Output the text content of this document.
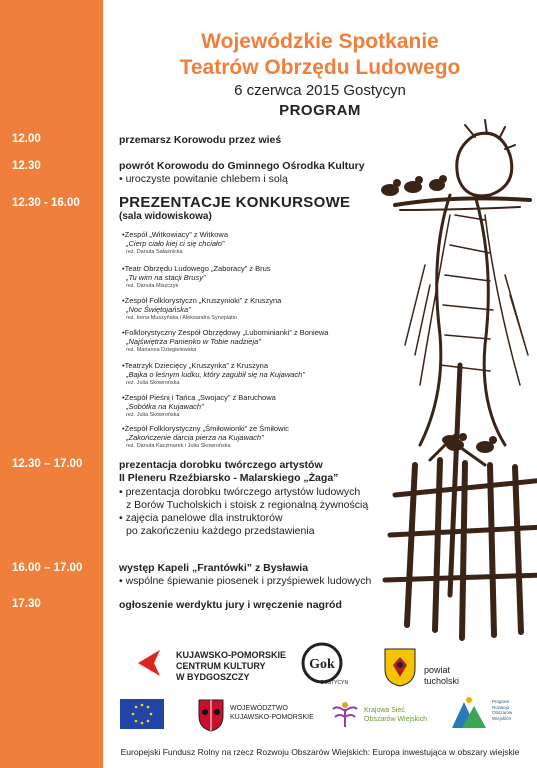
Wojewódzkie Spotkanie
Teatrów Obrzędu Ludowego
6 czerwca 2015 Gostycyn
PROGRAM
12.00
12.30
12.30 - 16.00
12.30 – 17.00
16.00 – 17.00
17.30
przemarsz Korowodu przez wieś
powrót Korowodu do Gminnego Ośrodka Kultury
• uroczyste powitanie chlebem i solą
PREZENTACJE KONKURSOWE
(sala widowiskowa)
• Zespół „Witkowiacy” z Witkowa
„Cierp ciało kiej ci się chciało”
reż. Danuta Sałaśnicka
• Teatr Obrzędu Ludowego „Zaboracy” z Brus
„Tu wim na stacji Brusy”
reż. Danuta Miszczyk
• Zespół Folklorystyczn „Kruszynioki” z Kruszyna
„Noc Świętojańska”
reż. Irena Muszyńska i Aleksandra Synoplatio
• Folklorystyczny Zespół Obrzędowy „Lubominianki” z Boniewa
„Najświętrza Panienko w Tobie nadzieja”
reż. Marianna Dziegielewska
• Teatrzyk Dziecięcy „Kruszynka” z Kruszyna
„Bajka o leśnym ludku, który zagubił się na Kujawach”
reż. Julia Skowrońska
• Zespół Pieśni i Tańca „Swojacy” z Baruchowa
„Sobótka na Kujawach”
reż. Julia Skowrońska
• Zespół Folklorystyczny „Śmiłowionki” ze Śmiłowic
„Zakończenie darcia pierza na Kujawach”
reż. Danuta Kaczmarek i Julia Skowrońska
prezentacja dorobku twórczego artystów
II Pleneru Rzeźbiarsko - Malarskiego „Żaga”
• prezentacja dorobku twórczego artystów ludowych
z Borów Tucholskich i stoisk z regionalną żywnością
• zajęcia panelowe dla instruktorów
po zakończeniu każdego przedstawienia
występ Kapeli „Frantówki” z Bysławia
• wspólne śpiewanie piosenek i przyśpiewek ludowych
ogłoszenie werdyktu jury i wręczenie nagród
KUJAWSKO-POMORSKIE
CENTRUM KULTURY
W BYDGOSZCZY
Gok
GOSTYCYN
powiat
tucholski
WOJEWÓDZTWO
KUJAWSKO-POMORSKIE
Krajowa Sieć
Obszarów Wiejskich
Program
Rozwoju
Obszarów
Wiejskich
Europejski Fundusz Rolny na rzecz Rozwoju Obszarów Wiejskich: Europa inwestująca w obszary wiejskie
